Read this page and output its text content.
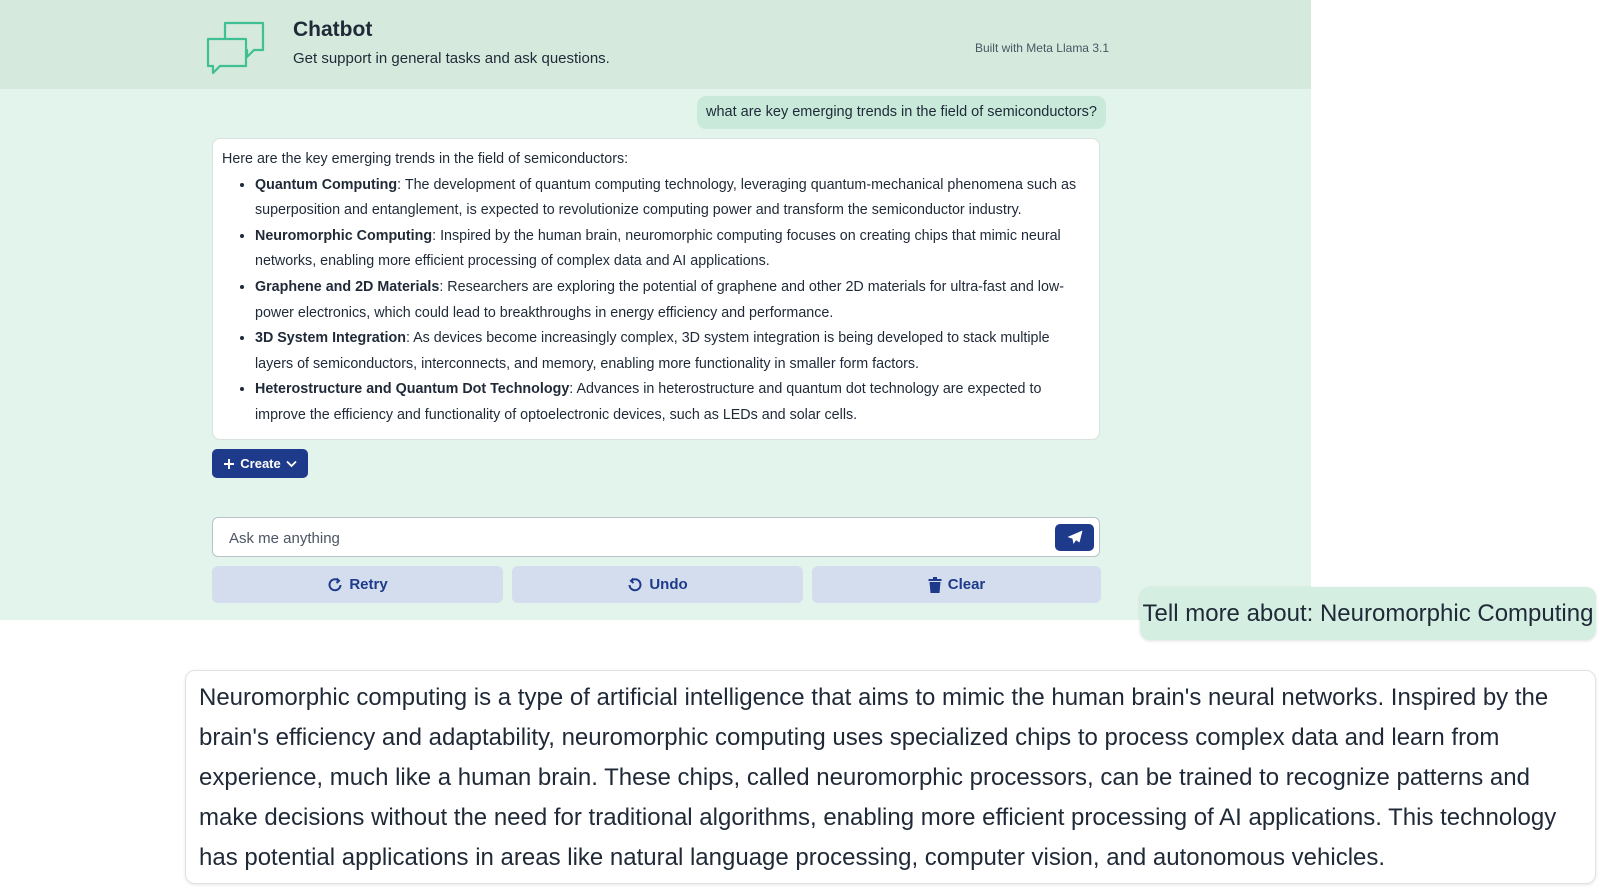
Chatbot
Get support in general tasks and ask questions.
Built with Meta Llama 3.1
what are key emerging trends in the field of semiconductors?

Here are the key emerging trends in the field of semiconductors:

• Quantum Computing: The development of quantum computing technology, leveraging quantum-mechanical phenomena such as superposition and entanglement, is expected to revolutionize computing power and transform the semiconductor industry.
• Neuromorphic Computing: Inspired by the human brain, neuromorphic computing focuses on creating chips that mimic neural networks, enabling more efficient processing of complex data and AI applications.
• Graphene and 2D Materials: Researchers are exploring the potential of graphene and other 2D materials for ultra-fast and low-power electronics, which could lead to breakthroughs in energy efficiency and performance.
• 3D System Integration: As devices become increasingly complex, 3D system integration is being developed to stack multiple layers of semiconductors, interconnects, and memory, enabling more functionality in smaller form factors.
• Heterostructure and Quantum Dot Technology: Advances in heterostructure and quantum dot technology are expected to improve the efficiency and functionality of optoelectronic devices, such as LEDs and solar cells.
Create
Ask me anything
Retry	Undo	Clear
Tell more about: Neuromorphic Computing
Neuromorphic computing is a type of artificial intelligence that aims to mimic the human brain's neural networks. Inspired by the brain's efficiency and adaptability, neuromorphic computing uses specialized chips to process complex data and learn from experience, much like a human brain. These chips, called neuromorphic processors, can be trained to recognize patterns and make decisions without the need for traditional algorithms, enabling more efficient processing of AI applications. This technology has potential applications in areas like natural language processing, computer vision, and autonomous vehicles.
